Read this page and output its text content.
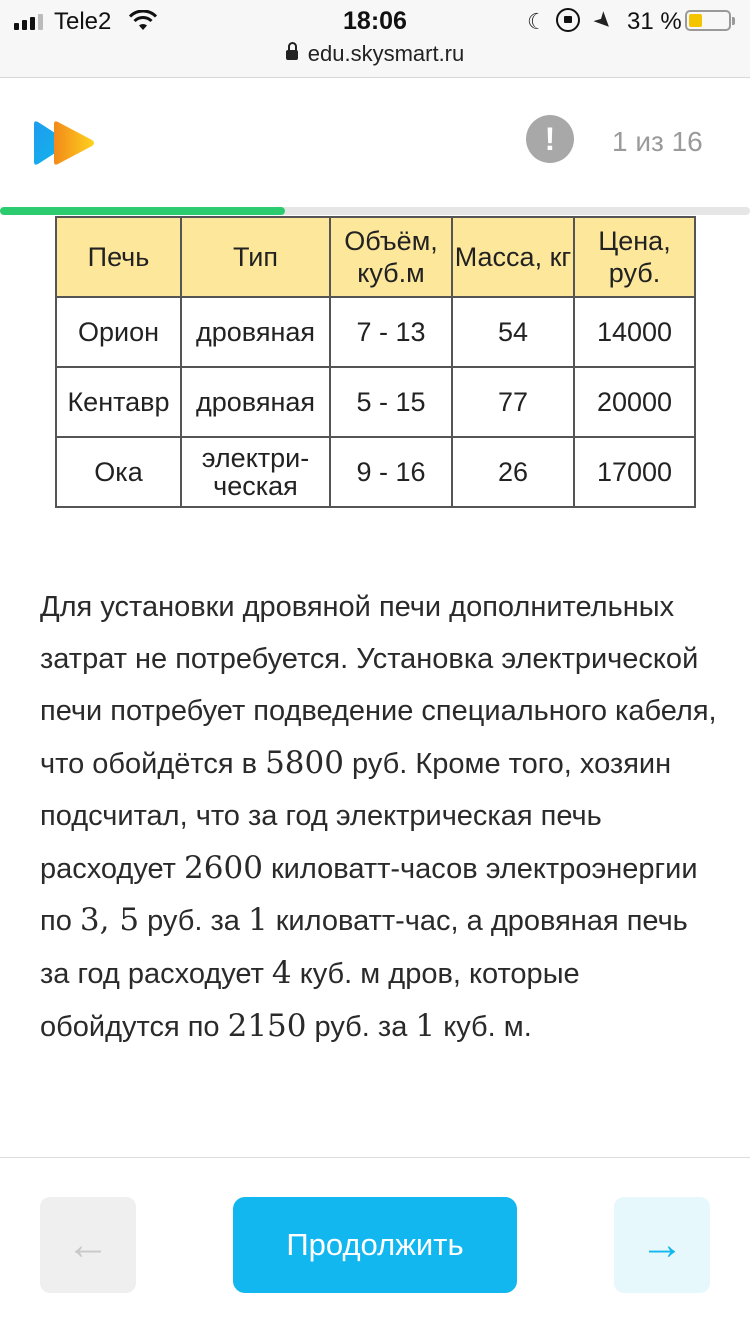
Tele2	18:06	☾ ➤ 31 %
edu.skysmart.ru
!	1 из 16
Печь	Тип	Объём, куб.м	Масса, кг	Цена, руб.
Орион	дровяная	7 - 13	54	14000
Кентавр	дровяная	5 - 15	77	20000
Ока	электри-ческая	9 - 16	26	17000

Для установки дровяной печи дополнительных затрат не потребуется. Установка электрической печи потребует подведение специального кабеля, что обойдётся в 5800 руб. Кроме того, хозяин подсчитал, что за год электрическая печь расходует 2600 киловатт-часов электроэнергии по 3, 5 руб. за 1 киловатт-час, а дровяная печь за год расходует 4 куб. м дров, которые обойдутся по 2150 руб. за 1 куб. м.

←	Продолжить	→
